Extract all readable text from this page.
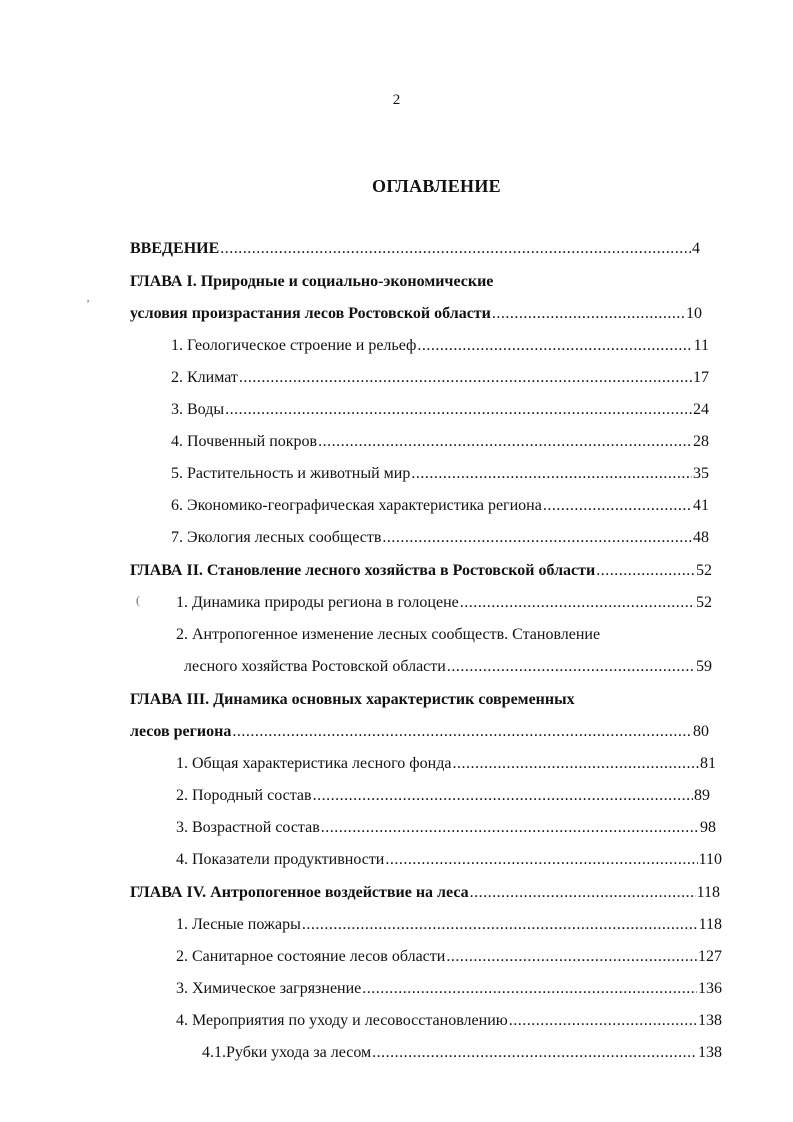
2
ОГЛАВЛЕНИЕ
ВВЕДЕНИЕ .....	4
ГЛАВА I. Природные и социально-экономические
условия произрастания лесов Ростовской области .....	10
1. Геологическое строение и рельеф .....	11
2. Климат .....	17
3. Воды .....	24
4. Почвенный покров .....	28
5. Растительность и животный мир .....	35
6. Экономико-географическая характеристика региона .....	41
7. Экология лесных сообществ .....	48
ГЛАВА II. Становление лесного хозяйства в Ростовской области .....	52
( 1. Динамика природы региона в голоцене .....	52
2. Антропогенное изменение лесных сообществ. Становление
лесного хозяйства Ростовской области .....	59
ГЛАВА III. Динамика основных характеристик современных
лесов региона .....	80
1. Общая характеристика лесного фонда .....	81
2. Породный состав .....	89
3. Возрастной состав .....	98
4. Показатели продуктивности .....	110
ГЛАВА IV. Антропогенное воздействие на леса .....	118
1. Лесные пожары .....	118
2. Санитарное состояние лесов области .....	127
3. Химическое загрязнение .....	136
4. Мероприятия по уходу и лесовосстановлению .....	138
4.1.Рубки ухода за лесом .....	138
‚
